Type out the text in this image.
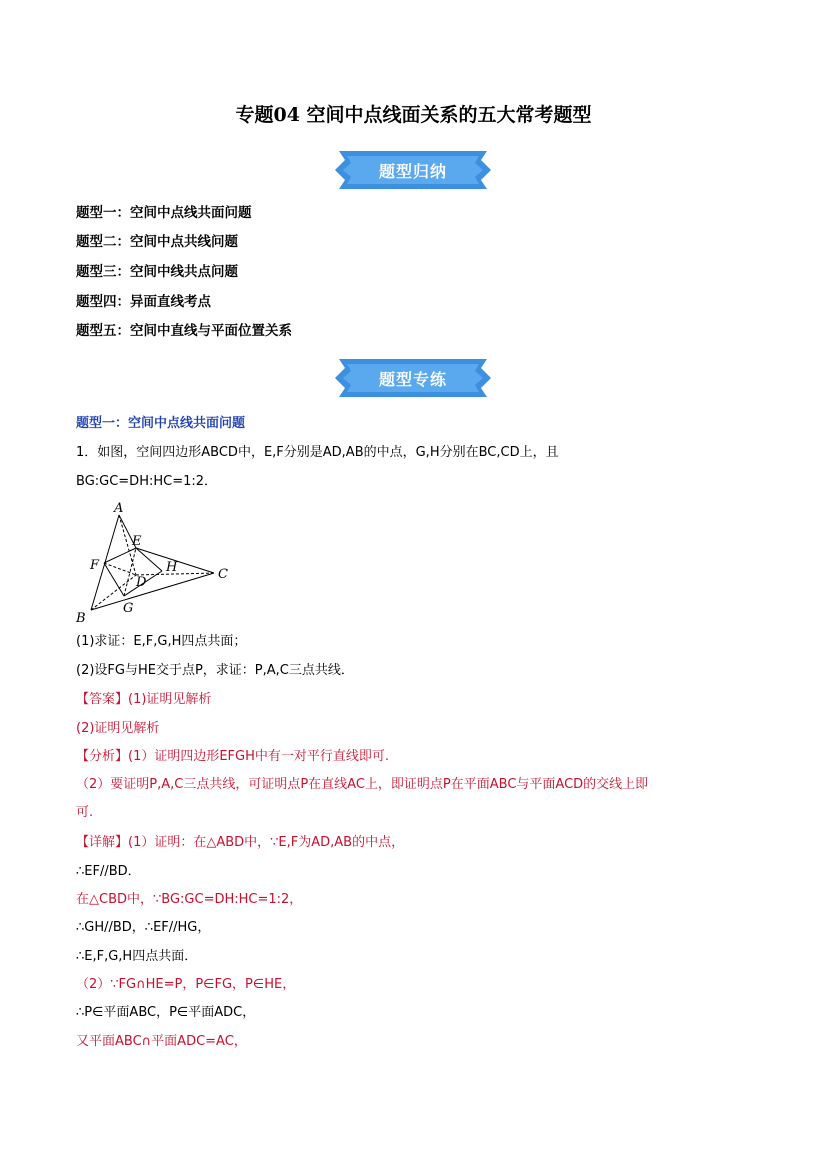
专题04 空间中点线面关系的五大常考题型
题型归纳
题型一：空间中点线共面问题
题型二：空间中点共线问题
题型三：空间中线共点问题
题型四：异面直线考点
题型五：空间中直线与平面位置关系
题型专练
题型一：空间中点线共面问题
1．如图，空间四边形ABCD中，E,F分别是AD,AB的中点，G,H分别在BC,CD上，且
BG:GC=DH:HC=1:2．
A
B
C
D
E
F
G
H
(1)求证：E,F,G,H四点共面；
(2)设FG与HE交于点P，求证：P,A,C三点共线．
【答案】(1)证明见解析
(2)证明见解析
【分析】(1）证明四边形EFGH中有一对平行直线即可.
（2）要证明P,A,C三点共线，可证明点P在直线AC上，即证明点P在平面ABC与平面ACD的交线上即
可.
【详解】(1）证明：在△ABD中，∵E,F为AD,AB的中点，
∴EF//BD．
在△CBD中，∵BG:GC=DH:HC=1:2，
∴GH//BD，∴EF//HG，
∴E,F,G,H四点共面．
（2）∵FG∩HE=P，P∈FG，P∈HE，
∴P∈平面ABC，P∈平面ADC，
又平面ABC∩平面ADC=AC，
